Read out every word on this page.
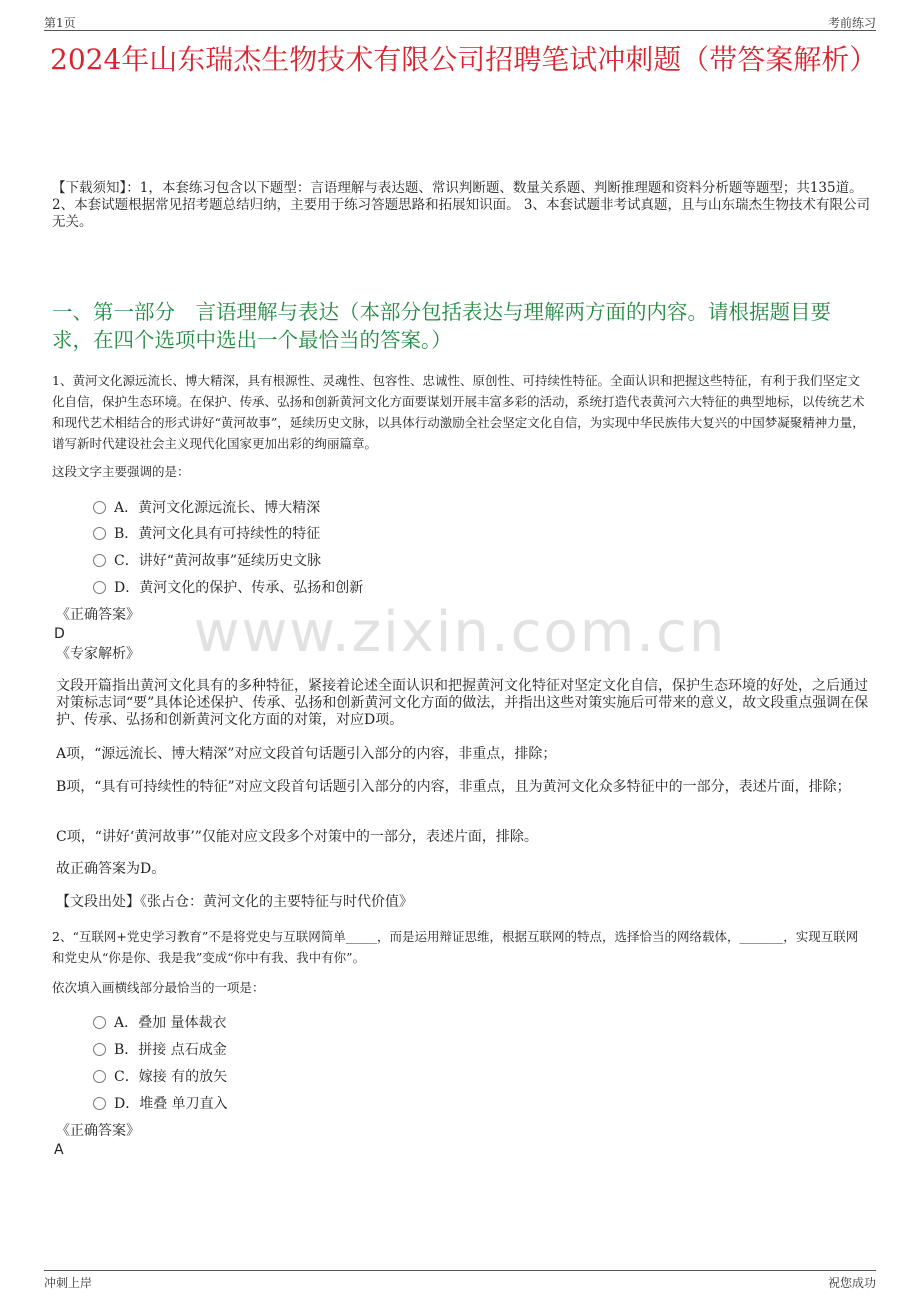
第1页	考前练习
2024年山东瑞杰生物技术有限公司招聘笔试冲刺题（带答案解析）
【下载须知】：1，本套练习包含以下题型：言语理解与表达题、常识判断题、数量关系题、判断推理题和资料分析题等题型；共135道。 2、本套试题根据常见招考题总结归纳，主要用于练习答题思路和拓展知识面。 3、本套试题非考试真题，且与山东瑞杰生物技术有限公司无关。
一、第一部分　言语理解与表达（本部分包括表达与理解两方面的内容。请根据题目要求，在四个选项中选出一个最恰当的答案。）
www.zixin.com.cn
1、黄河文化源远流长、博大精深，具有根源性、灵魂性、包容性、忠诚性、原创性、可持续性特征。全面认识和把握这些特征，有利于我们坚定文化自信，保护生态环境。在保护、传承、弘扬和创新黄河文化方面要谋划开展丰富多彩的活动，系统打造代表黄河六大特征的典型地标，以传统艺术和现代艺术相结合的形式讲好“黄河故事”，延续历史文脉，以具体行动激励全社会坚定文化自信，为实现中华民族伟大复兴的中国梦凝聚精神力量，谱写新时代建设社会主义现代化国家更加出彩的绚丽篇章。
这段文字主要强调的是：
A．黄河文化源远流长、博大精深
B．黄河文化具有可持续性的特征
C．讲好“黄河故事”延续历史文脉
D．黄河文化的保护、传承、弘扬和创新
《正确答案》
D
《专家解析》
文段开篇指出黄河文化具有的多种特征，紧接着论述全面认识和把握黄河文化特征对坚定文化自信，保护生态环境的好处，之后通过对策标志词“要”具体论述保护、传承、弘扬和创新黄河文化方面的做法，并指出这些对策实施后可带来的意义，故文段重点强调在保护、传承、弘扬和创新黄河文化方面的对策，对应D项。
A项，“源远流长、博大精深”对应文段首句话题引入部分的内容，非重点，排除；
B项，“具有可持续性的特征”对应文段首句话题引入部分的内容，非重点，且为黄河文化众多特征中的一部分，表述片面，排除；
C项，“讲好‘黄河故事’”仅能对应文段多个对策中的一部分，表述片面，排除。
故正确答案为D。
【文段出处】《张占仓：黄河文化的主要特征与时代价值》
2、“互联网+党史学习教育”不是将党史与互联网简单_____，而是运用辩证思维，根据互联网的特点，选择恰当的网络载体，_______，实现互联网和党史从“你是你、我是我”变成“你中有我、我中有你”。
依次填入画横线部分最恰当的一项是：
A．叠加 量体裁衣
B．拼接 点石成金
C．嫁接 有的放矢
D．堆叠 单刀直入
《正确答案》
A
冲刺上岸	祝您成功
